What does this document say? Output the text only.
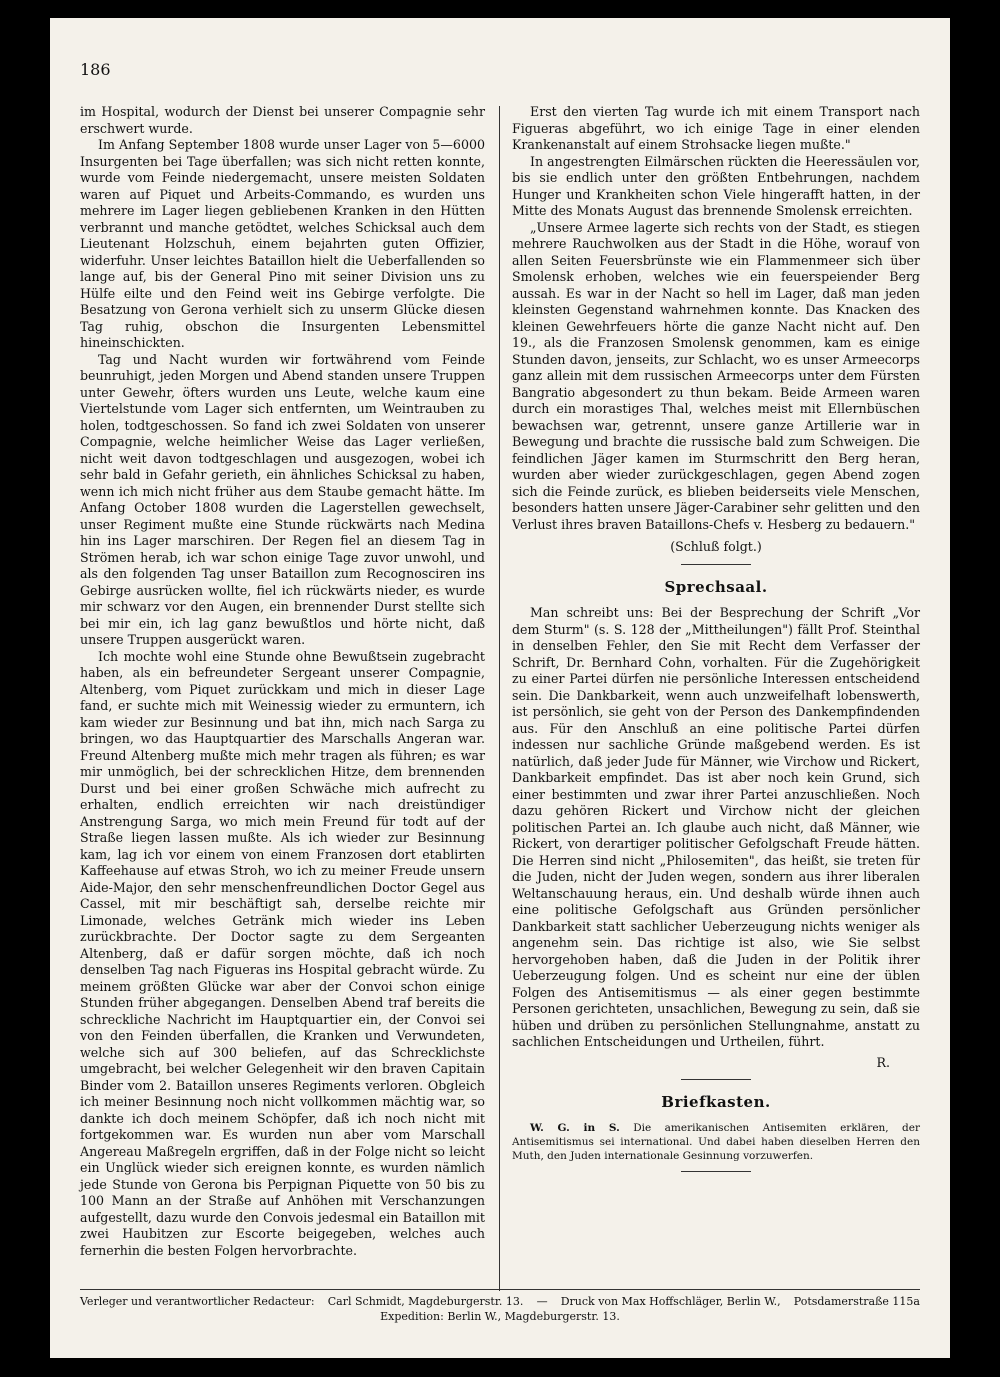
186

im Hospital, wodurch der Dienst bei unserer Compagnie sehr erschwert wurde.

Im Anfang September 1808 wurde unser Lager von 5—6000 Insurgenten bei Tage überfallen; was sich nicht retten konnte, wurde vom Feinde niedergemacht, unsere meisten Soldaten waren auf Piquet und Arbeits-Commando, es wurden uns mehrere im Lager liegen gebliebenen Kranken in den Hütten verbrannt und manche getödtet, welches Schicksal auch dem Lieutenant Holzschuh, einem bejahrten guten Offizier, widerfuhr. Unser leichtes Bataillon hielt die Ueberfallenden so lange auf, bis der General Pino mit seiner Division uns zu Hülfe eilte und den Feind weit ins Gebirge verfolgte. Die Besatzung von Gerona verhielt sich zu unserm Glücke diesen Tag ruhig, obschon die Insurgenten Lebensmittel hineinschickten.

Tag und Nacht wurden wir fortwährend vom Feinde beunruhigt, jeden Morgen und Abend standen unsere Truppen unter Gewehr, öfters wurden uns Leute, welche kaum eine Viertelstunde vom Lager sich entfernten, um Weintrauben zu holen, todtgeschossen. So fand ich zwei Soldaten von unserer Compagnie, welche heimlicher Weise das Lager verließen, nicht weit davon todtgeschlagen und ausgezogen, wobei ich sehr bald in Gefahr gerieth, ein ähnliches Schicksal zu haben, wenn ich mich nicht früher aus dem Staube gemacht hätte. Im Anfang October 1808 wurden die Lagerstellen gewechselt, unser Regiment mußte eine Stunde rückwärts nach Medina hin ins Lager marschiren. Der Regen fiel an diesem Tag in Strömen herab, ich war schon einige Tage zuvor unwohl, und als den folgenden Tag unser Bataillon zum Recognosciren ins Gebirge ausrücken wollte, fiel ich rückwärts nieder, es wurde mir schwarz vor den Augen, ein brennender Durst stellte sich bei mir ein, ich lag ganz bewußtlos und hörte nicht, daß unsere Truppen ausgerückt waren.

Ich mochte wohl eine Stunde ohne Bewußtsein zugebracht haben, als ein befreundeter Sergeant unserer Compagnie, Altenberg, vom Piquet zurückkam und mich in dieser Lage fand, er suchte mich mit Weinessig wieder zu ermuntern, ich kam wieder zur Besinnung und bat ihn, mich nach Sarga zu bringen, wo das Hauptquartier des Marschalls Angeran war. Freund Altenberg mußte mich mehr tragen als führen; es war mir unmöglich, bei der schrecklichen Hitze, dem brennenden Durst und bei einer großen Schwäche mich aufrecht zu erhalten, endlich erreichten wir nach dreistündiger Anstrengung Sarga, wo mich mein Freund für todt auf der Straße liegen lassen mußte. Als ich wieder zur Besinnung kam, lag ich vor einem von einem Franzosen dort etablirten Kaffeehause auf etwas Stroh, wo ich zu meiner Freude unsern Aide-Major, den sehr menschenfreundlichen Doctor Gegel aus Cassel, mit mir beschäftigt sah, derselbe reichte mir Limonade, welches Getränk mich wieder ins Leben zurückbrachte. Der Doctor sagte zu dem Sergeanten Altenberg, daß er dafür sorgen möchte, daß ich noch denselben Tag nach Figueras ins Hospital gebracht würde. Zu meinem größten Glücke war aber der Convoi schon einige Stunden früher abgegangen. Denselben Abend traf bereits die schreckliche Nachricht im Hauptquartier ein, der Convoi sei von den Feinden überfallen, die Kranken und Verwundeten, welche sich auf 300 beliefen, auf das Schrecklichste umgebracht, bei welcher Gelegenheit wir den braven Capitain Binder vom 2. Bataillon unseres Regiments verloren. Obgleich ich meiner Besinnung noch nicht vollkommen mächtig war, so dankte ich doch meinem Schöpfer, daß ich noch nicht mit fortgekommen war. Es wurden nun aber vom Marschall Angereau Maßregeln ergriffen, daß in der Folge nicht so leicht ein Unglück wieder sich ereignen konnte, es wurden nämlich jede Stunde von Gerona bis Perpignan Piquette von 50 bis zu 100 Mann an der Straße auf Anhöhen mit Verschanzungen aufgestellt, dazu wurde den Convois jedesmal ein Bataillon mit zwei Haubitzen zur Escorte beigegeben, welches auch fernerhin die besten Folgen hervorbrachte.

Erst den vierten Tag wurde ich mit einem Transport nach Figueras abgeführt, wo ich einige Tage in einer elenden Krankenanstalt auf einem Strohsacke liegen mußte."

In angestrengten Eilmärschen rückten die Heeressäulen vor, bis sie endlich unter den größten Entbehrungen, nachdem Hunger und Krankheiten schon Viele hingerafft hatten, in der Mitte des Monats August das brennende Smolensk erreichten.

„Unsere Armee lagerte sich rechts von der Stadt, es stiegen mehrere Rauchwolken aus der Stadt in die Höhe, worauf von allen Seiten Feuersbrünste wie ein Flammenmeer sich über Smolensk erhoben, welches wie ein feuerspeiender Berg aussah. Es war in der Nacht so hell im Lager, daß man jeden kleinsten Gegenstand wahrnehmen konnte. Das Knacken des kleinen Gewehrfeuers hörte die ganze Nacht nicht auf. Den 19., als die Franzosen Smolensk genommen, kam es einige Stunden davon, jenseits, zur Schlacht, wo es unser Armeecorps ganz allein mit dem russischen Armeecorps unter dem Fürsten Bangratio abgesondert zu thun bekam. Beide Armeen waren durch ein morastiges Thal, welches meist mit Ellernbüschen bewachsen war, getrennt, unsere ganze Artillerie war in Bewegung und brachte die russische bald zum Schweigen. Die feindlichen Jäger kamen im Sturmschritt den Berg heran, wurden aber wieder zurückgeschlagen, gegen Abend zogen sich die Feinde zurück, es blieben beiderseits viele Menschen, besonders hatten unsere Jäger-Carabiner sehr gelitten und den Verlust ihres braven Bataillons-Chefs v. Hesberg zu bedauern."

(Schluß folgt.)

Sprechsaal.

Man schreibt uns: Bei der Besprechung der Schrift „Vor dem Sturm" (s. S. 128 der „Mittheilungen") fällt Prof. Steinthal in denselben Fehler, den Sie mit Recht dem Verfasser der Schrift, Dr. Bernhard Cohn, vorhalten. Für die Zugehörigkeit zu einer Partei dürfen nie persönliche Interessen entscheidend sein. Die Dankbarkeit, wenn auch unzweifelhaft lobenswerth, ist persönlich, sie geht von der Person des Dankempfindenden aus. Für den Anschluß an eine politische Partei dürfen indessen nur sachliche Gründe maßgebend werden. Es ist natürlich, daß jeder Jude für Männer, wie Virchow und Rickert, Dankbarkeit empfindet. Das ist aber noch kein Grund, sich einer bestimmten und zwar ihrer Partei anzuschließen. Noch dazu gehören Rickert und Virchow nicht der gleichen politischen Partei an. Ich glaube auch nicht, daß Männer, wie Rickert, von derartiger politischer Gefolgschaft Freude hätten. Die Herren sind nicht „Philosemiten", das heißt, sie treten für die Juden, nicht der Juden wegen, sondern aus ihrer liberalen Weltanschauung heraus, ein. Und deshalb würde ihnen auch eine politische Gefolgschaft aus Gründen persönlicher Dankbarkeit statt sachlicher Ueberzeugung nichts weniger als angenehm sein. Das richtige ist also, wie Sie selbst hervorgehoben haben, daß die Juden in der Politik ihrer Ueberzeugung folgen. Und es scheint nur eine der üblen Folgen des Antisemitismus — als einer gegen bestimmte Personen gerichteten, unsachlichen, Bewegung zu sein, daß sie hüben und drüben zu persönlichen Stellungnahme, anstatt zu sachlichen Entscheidungen und Urtheilen, führt.

R.
Briefkasten.

W. G. in S. Die amerikanischen Antisemiten erklären, der Antisemitismus sei international. Und dabei haben dieselben Herren den Muth, den Juden internationale Gesinnung vorzuwerfen.

Verleger und verantwortlicher Redacteur: Carl Schmidt, Magdeburgerstr. 13. — Druck von Max Hoffschläger, Berlin W., Potsdamerstraße 115a
Expedition: Berlin W., Magdeburgerstr. 13.
